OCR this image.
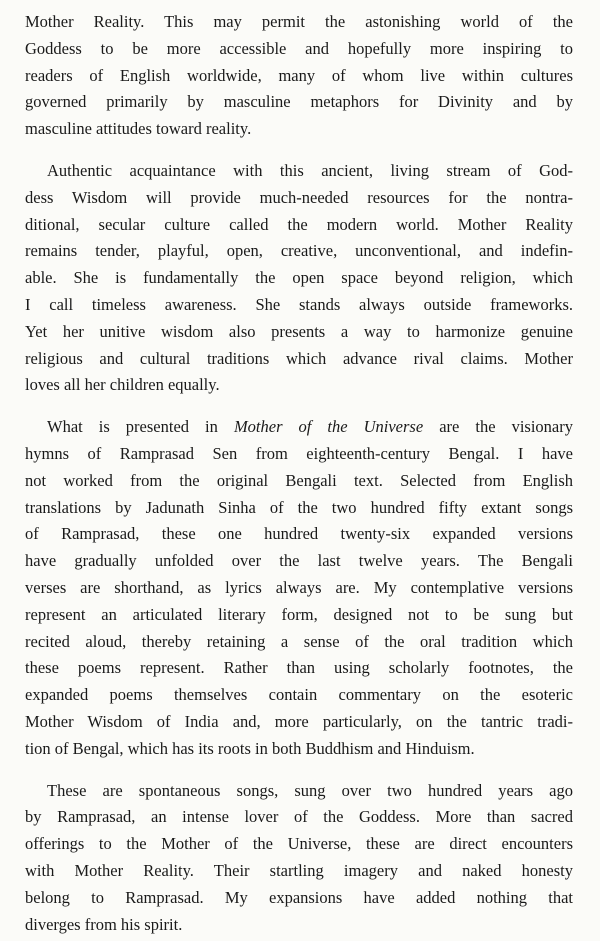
Mother Reality. This may permit the astonishing world of the
Goddess to be more accessible and hopefully more inspiring to
readers of English worldwide, many of whom live within cultures
governed primarily by masculine metaphors for Divinity and by
masculine attitudes toward reality.

Authentic acquaintance with this ancient, living stream of God-
dess Wisdom will provide much-needed resources for the nontra-
ditional, secular culture called the modern world. Mother Reality
remains tender, playful, open, creative, unconventional, and indefin-
able. She is fundamentally the open space beyond religion, which
I call timeless awareness. She stands always outside frameworks.
Yet her unitive wisdom also presents a way to harmonize genuine
religious and cultural traditions which advance rival claims. Mother
loves all her children equally.

What is presented in Mother of the Universe are the visionary
hymns of Ramprasad Sen from eighteenth-century Bengal. I have
not worked from the original Bengali text. Selected from English
translations by Jadunath Sinha of the two hundred fifty extant songs
of Ramprasad, these one hundred twenty-six expanded versions
have gradually unfolded over the last twelve years. The Bengali
verses are shorthand, as lyrics always are. My contemplative versions
represent an articulated literary form, designed not to be sung but
recited aloud, thereby retaining a sense of the oral tradition which
these poems represent. Rather than using scholarly footnotes, the
expanded poems themselves contain commentary on the esoteric
Mother Wisdom of India and, more particularly, on the tantric tradi-
tion of Bengal, which has its roots in both Buddhism and Hinduism.

These are spontaneous songs, sung over two hundred years ago
by Ramprasad, an intense lover of the Goddess. More than sacred
offerings to the Mother of the Universe, these are direct encounters
with Mother Reality. Their startling imagery and naked honesty
belong to Ramprasad. My expansions have added nothing that
diverges from his spirit.
